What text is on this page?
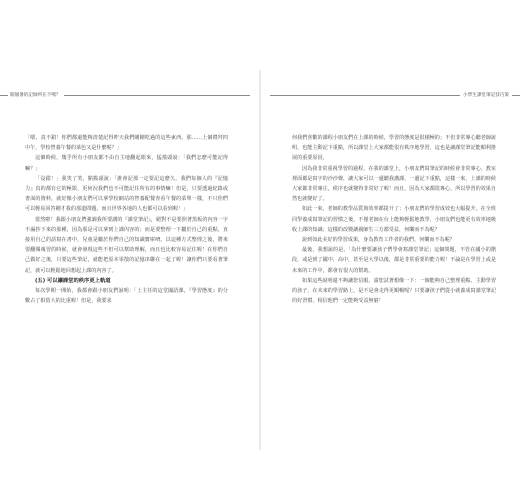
開個暑的記帥所在不嗎？	小學生課堂筆記技巧策

「嗯，真不錯！你們都還能夠清楚記得昨天我們剛剛吃過的這些東西。那……上個禮拜四中午，學校營養午餐的菜色又是什麼呢？」

這個時候，幾乎所有小朋友都不由自主地翻起眼來，猛搖頭說：「我們怎麼可能記得嘛？」

「沒錯！」我笑了笑，點點頭說：「誰會記那一定要記這麼久，我們每個人的『記憶力』真的都有它的極限，更何況我們也不可能記住所有的事情嘛！但是，只要透過紀錄或書面的資料，就好像小朋友們可以拿學校網站的營養配餐查看午餐的菜單一樣，不只你們可以輕易回答剛才我的那道問題，而且世界各地的人也都可以看到喔！」

當然啦！我跟小朋友們強調我所要講的『課堂筆記』，絕對不是要照著黑板的內容一字不漏抄下來的那種，因為那是可以拿到上課內容的；而是要整理一下屬於自己的重點，直接用自己的話寫在書中，兒童是屬於你們自己的知識寶庫唷。以這種方式整理之後，將來要翻閱複習的時候，就會發現這些不但可以幫助理解，而且也比較容易記住喔！在你們自己做好之後，只要這些筆記，就能把原本零散的記憶串聯在一起了喔！讓你們只要看著筆記，就可以輕鬆地回想起上課的內容了。

(五) 可以讓課堂的秩序更上軌道

每次學期一開始，我都會跟小朋友們說明：「上主任的這堂國語課，『學習態度』的分數占了相當大的比重喔！但是，我要求

何我們喜歡的課程小朋友們在上課的時候，學習的態度是很積極的；不但非常專心聽老師說明，也能主動記下重點，所以課堂上大家都能很有秩序地學習，這也是讓課堂筆記能順利推展的重要原因。

因為我非常重視學習的過程，在我的課堂上，小朋友們寫筆記的時候會非常專心，教室裡面都是寫字的沙沙聲，讓大家可以一邊聽我講課，一邊記下重點，這樣一來，上課的時候大家都非常專注，秩序也就變得非常好了喔！而且，因為大家都很專心，所以學習的效果自然也就變好了。

如此一來，老師的教學品質與效率都提升了；小朋友們的學習成效也大幅提升。在全班同學養成寫筆記的習慣之後，不僅老師在台上能夠輕鬆地教學，小朋友們也能更有效率地吸收上課的知識；這樣的改變讓親師生三方都受益，何樂而不為呢？

說到如此美好的學習成果，身為教育工作者的我們，何樂而不為呢？

最後，我想說的是，「為什麼要讓孩子們學會寫課堂筆記」這個問題，不管在國小的階段，或是到了國中、高中，甚至是大學以後，都是非常重要的能力喔！不論是在學習上或是未來的工作中，都會有很大的幫助。

如果這些說明還不夠讓您信服，請您試著想像一下：一個能夠自己整理重點、主動學習的孩子，在未來的學習路上，是不是會走得更順暢呢？只要讓孩子們從小就養成寫課堂筆記的好習慣，相信他們一定能夠受益無窮！
